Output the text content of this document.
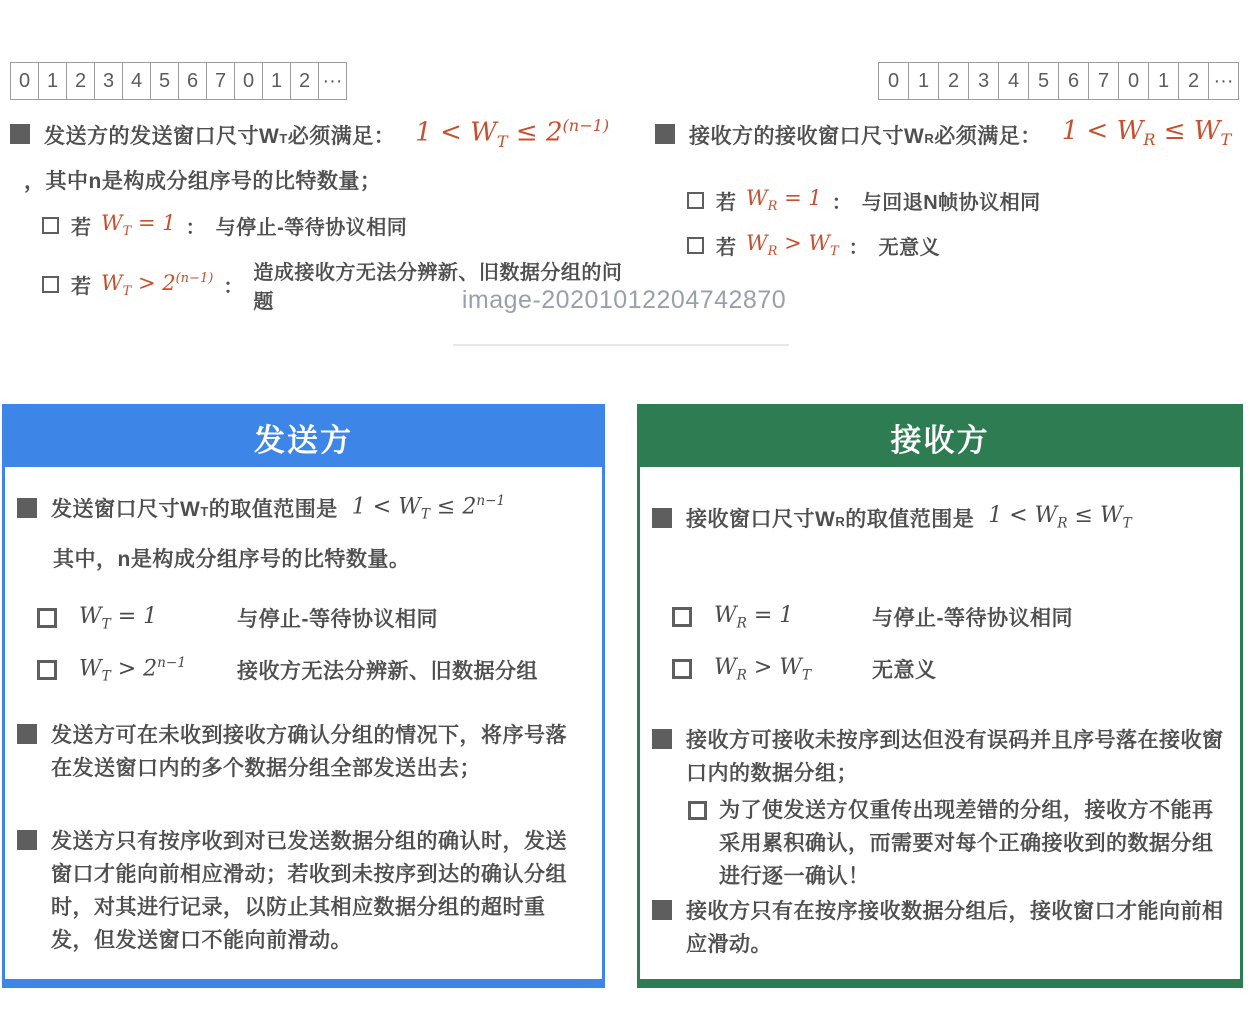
0 1 2 3 4 5 6 7 0 1 2 ···	0 1 2 3 4 5 6 7 0 1 2 ···
发送方的发送窗口尺寸WT必须满足： $1 < W_T \le 2^{(n-1)}$
，其中n是构成分组序号的比特数量；
若 $W_T = 1$ ： 与停止-等待协议相同
若 $W_T > 2^{(n-1)}$ ：
造成接收方无法分辨新、旧数据分组的问题
接收方的接收窗口尺寸WR必须满足： $1 < W_R \le W_T$
若 $W_R = 1$ ： 与回退N帧协议相同
若 $W_R > W_T$ ： 无意义
image-20201012204742870
发送方
发送窗口尺寸WT的取值范围是 $1 < W_T \le 2^{n-1}$
其中，n是构成分组序号的比特数量。
$W_T = 1$	与停止-等待协议相同
$W_T > 2^{n-1}$	接收方无法分辨新、旧数据分组
发送方可在未收到接收方确认分组的情况下，将序号落在发送窗口内的多个数据分组全部发送出去；
发送方只有按序收到对已发送数据分组的确认时，发送窗口才能向前相应滑动；若收到未按序到达的确认分组时，对其进行记录，以防止其相应数据分组的超时重发，但发送窗口不能向前滑动。
接收方
接收窗口尺寸WR的取值范围是 $1 < W_R \le W_T$
$W_R = 1$	与停止-等待协议相同
$W_R > W_T$	无意义
接收方可接收未按序到达但没有误码并且序号落在接收窗口内的数据分组；
为了使发送方仅重传出现差错的分组，接收方不能再采用累积确认，而需要对每个正确接收到的数据分组进行逐一确认！
接收方只有在按序接收数据分组后，接收窗口才能向前相应滑动。
